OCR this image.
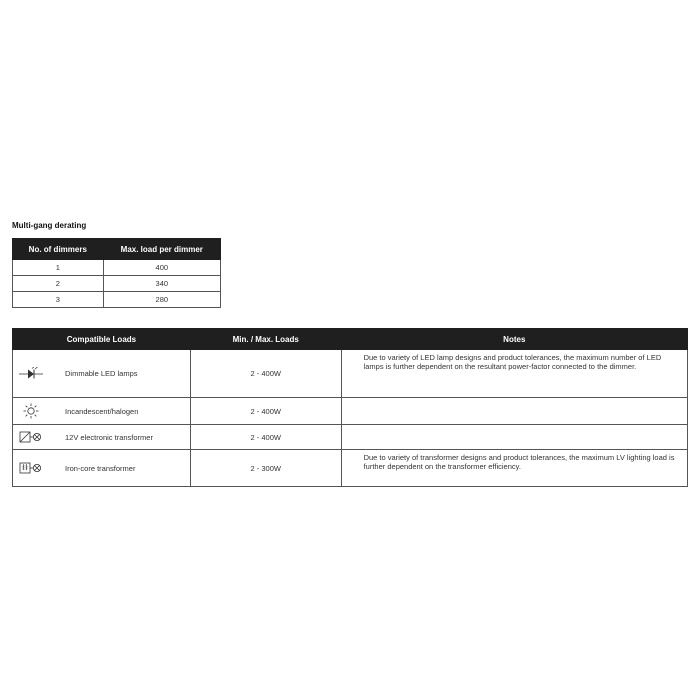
Multi-gang derating
No. of dimmers	Max. load per dimmer
1	400
2	340
3	280
Compatible Loads	Min. / Max. Loads	Notes

Dimmable LED lamps	2 - 400W	Due to variety of LED lamp designs and product tolerances, the maximum number of LED lamps is further dependent on the resultant power-factor connected to the dimmer.

Incandescent/halogen	2 - 400W	

12V electronic transformer	2 - 400W	

Iron-core transformer	2 - 300W	Due to variety of transformer designs and product tolerances, the maximum LV lighting load is further dependent on the transformer efficiency.
